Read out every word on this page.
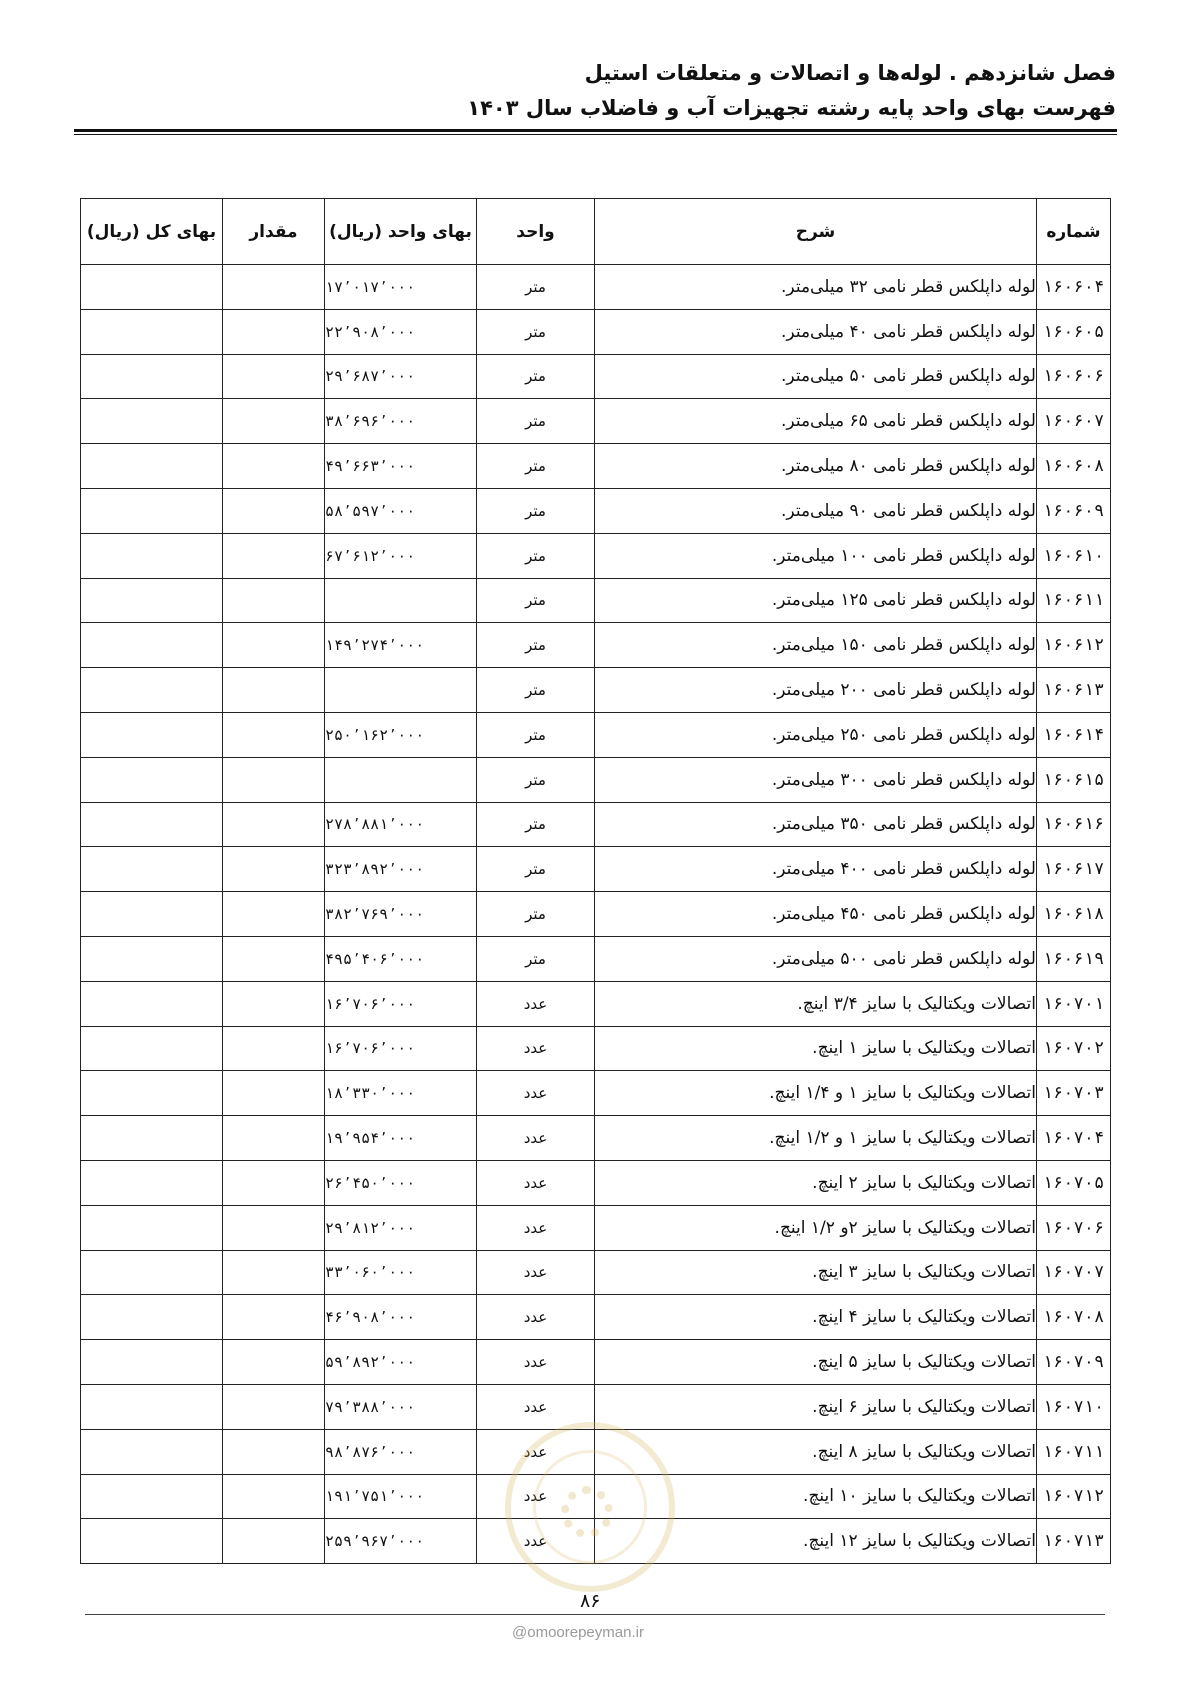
فصل شانزدهم . لوله‌ها و اتصالات و متعلقات استیل
فهرست بهای واحد پایه رشته تجهیزات آب و فاضلاب سال ۱۴۰۳
شماره	شرح	واحد	بهای واحد (ریال)	مقدار	بهای کل (ریال)
۱۶۰۶۰۴	لوله داپلکس قطر نامی ۳۲ میلی‌متر.	متر	۱۷٬۰۱۷٬۰۰۰		
۱۶۰۶۰۵	لوله داپلکس قطر نامی ۴۰ میلی‌متر.	متر	۲۲٬۹۰۸٬۰۰۰		
۱۶۰۶۰۶	لوله داپلکس قطر نامی ۵۰ میلی‌متر.	متر	۲۹٬۶۸۷٬۰۰۰		
۱۶۰۶۰۷	لوله داپلکس قطر نامی ۶۵ میلی‌متر.	متر	۳۸٬۶۹۶٬۰۰۰		
۱۶۰۶۰۸	لوله داپلکس قطر نامی ۸۰ میلی‌متر.	متر	۴۹٬۶۶۳٬۰۰۰		
۱۶۰۶۰۹	لوله داپلکس قطر نامی ۹۰ میلی‌متر.	متر	۵۸٬۵۹۷٬۰۰۰		
۱۶۰۶۱۰	لوله داپلکس قطر نامی ۱۰۰ میلی‌متر.	متر	۶۷٬۶۱۲٬۰۰۰		
۱۶۰۶۱۱	لوله داپلکس قطر نامی ۱۲۵ میلی‌متر.	متر			
۱۶۰۶۱۲	لوله داپلکس قطر نامی ۱۵۰ میلی‌متر.	متر	۱۴۹٬۲۷۴٬۰۰۰		
۱۶۰۶۱۳	لوله داپلکس قطر نامی ۲۰۰ میلی‌متر.	متر			
۱۶۰۶۱۴	لوله داپلکس قطر نامی ۲۵۰ میلی‌متر.	متر	۲۵۰٬۱۶۲٬۰۰۰		
۱۶۰۶۱۵	لوله داپلکس قطر نامی ۳۰۰ میلی‌متر.	متر			
۱۶۰۶۱۶	لوله داپلکس قطر نامی ۳۵۰ میلی‌متر.	متر	۲۷۸٬۸۸۱٬۰۰۰		
۱۶۰۶۱۷	لوله داپلکس قطر نامی ۴۰۰ میلی‌متر.	متر	۳۲۳٬۸۹۲٬۰۰۰		
۱۶۰۶۱۸	لوله داپلکس قطر نامی ۴۵۰ میلی‌متر.	متر	۳۸۲٬۷۶۹٬۰۰۰		
۱۶۰۶۱۹	لوله داپلکس قطر نامی ۵۰۰ میلی‌متر.	متر	۴۹۵٬۴۰۶٬۰۰۰		
۱۶۰۷۰۱	اتصالات ویکتالیک با سایز ۳/۴ اینچ.	عدد	۱۶٬۷۰۶٬۰۰۰		
۱۶۰۷۰۲	اتصالات ویکتالیک با سایز ۱ اینچ.	عدد	۱۶٬۷۰۶٬۰۰۰		
۱۶۰۷۰۳	اتصالات ویکتالیک با سایز ۱ و ۱/۴ اینچ.	عدد	۱۸٬۳۳۰٬۰۰۰		
۱۶۰۷۰۴	اتصالات ویکتالیک با سایز ۱ و ۱/۲ اینچ.	عدد	۱۹٬۹۵۴٬۰۰۰		
۱۶۰۷۰۵	اتصالات ویکتالیک با سایز ۲ اینچ.	عدد	۲۶٬۴۵۰٬۰۰۰		
۱۶۰۷۰۶	اتصالات ویکتالیک با سایز ۲و ۱/۲ اینچ.	عدد	۲۹٬۸۱۲٬۰۰۰		
۱۶۰۷۰۷	اتصالات ویکتالیک با سایز ۳ اینچ.	عدد	۳۳٬۰۶۰٬۰۰۰		
۱۶۰۷۰۸	اتصالات ویکتالیک با سایز ۴ اینچ.	عدد	۴۶٬۹۰۸٬۰۰۰		
۱۶۰۷۰۹	اتصالات ویکتالیک با سایز ۵ اینچ.	عدد	۵۹٬۸۹۲٬۰۰۰		
۱۶۰۷۱۰	اتصالات ویکتالیک با سایز ۶ اینچ.	عدد	۷۹٬۳۸۸٬۰۰۰		
۱۶۰۷۱۱	اتصالات ویکتالیک با سایز ۸ اینچ.	عدد	۹۸٬۸۷۶٬۰۰۰		
۱۶۰۷۱۲	اتصالات ویکتالیک با سایز ۱۰ اینچ.	عدد	۱۹۱٬۷۵۱٬۰۰۰		
۱۶۰۷۱۳	اتصالات ویکتالیک با سایز ۱۲ اینچ.	عدد	۲۵۹٬۹۶۷٬۰۰۰		
۸۶
@omoorepeyman.ir
